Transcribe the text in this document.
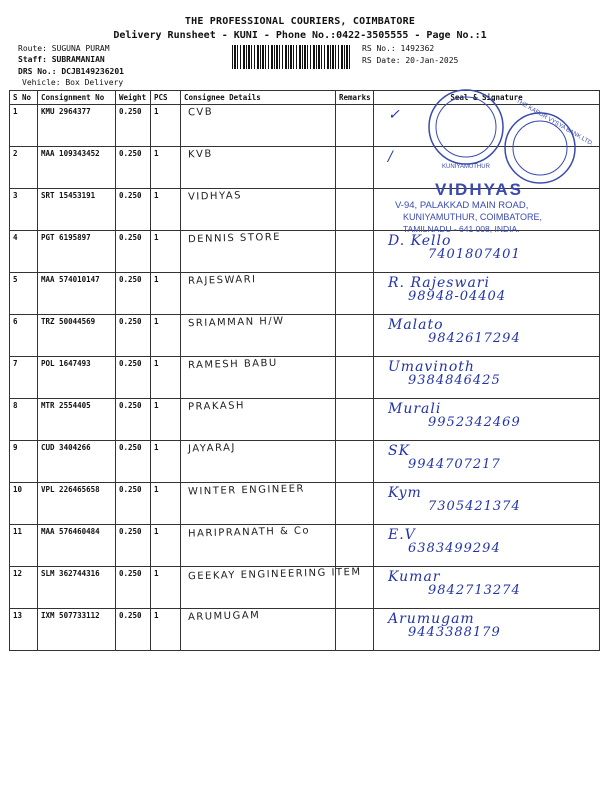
THE PROFESSIONAL COURIERS, COIMBATORE
Delivery Runsheet - KUNI - Phone No.:0422-3505555 - Page No.:1
Route: SUGUNA PURAM
Staff: SUBRAMANIAN
DRS No.: DCJB149236201
Vehicle: Box Delivery
RS No.: 1492362
RS Date: 20-Jan-2025
S No	Consignment No	Weight	PCS	Consignee Details	Remarks	Seal & Signature
1	KMU 2964377	0.250	1	CVB		✓

2	MAA 109343452	0.250	1	KVB		/

3	SRT 15453191	0.250	1	VIDHYAS		

4	PGT 6195897	0.250	1	DENNIS STORE		D. Kello
7401807401

5	MAA 574010147	0.250	1	RAJESWARI		R. Rajeswari
98948-04404

6	TRZ 50044569	0.250	1	SRIAMMAN H/W		Malato
9842617294

7	POL 1647493	0.250	1	RAMESH BABU		Umavinoth
9384846425

8	MTR 2554405	0.250	1	PRAKASH		Murali
9952342469

9	CUD 3404266	0.250	1	JAYARAJ		SK
9944707217

10	VPL 226465658	0.250	1	WINTER ENGINEER		Kym
7305421374

11	MAA 576460484	0.250	1	HARIPRANATH & Co		E.V
6383499294

12	SLM 362744316	0.250	1	GEEKAY ENGINEERING ITEM		Kumar
9842713274

13	IXM 507733112	0.250	1	ARUMUGAM		Arumugam
9443388179
KUNIYAMUTHUR
THE KARUR VYSYA BANK LTD.
VIDHYAS
V-94, PALAKKAD MAIN ROAD,
KUNIYAMUTHUR, COIMBATORE,
TAMILNADU - 641 008, INDIA.
